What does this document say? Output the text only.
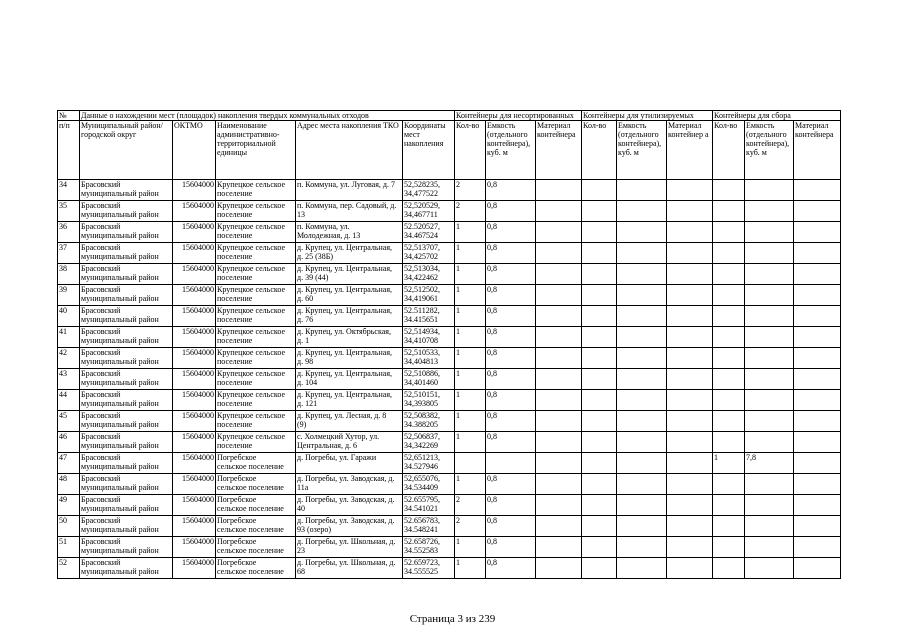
№	Данные о нахождении мест (площадок) накопления твердых коммунальных отходов					Контейнеры для несортированных			Контейнеры для утилизируемых			Контейнеры для сбора		
п/п	Муниципальный район/городской округ	ОКТМО	Наименование административно-территориальной единицы	Адрес места накопления ТКО	Координаты мест накопления	Кол-во	Емкость (отдельного контейнера), куб. м	Материал контейнера	Кол-во	Емкость (отдельного контейнера), куб. м	Материал контейнер а	Кол-во	Емкость (отдельного контейнера), куб. м	Материал контейнера
34	Брасовский
муниципальный район	15604000	Крупецкое сельское
поселение	п. Коммуна, ул. Луговая, д. 7	52,528235,
34,477522	2	0,8							
35	Брасовский
муниципальный район	15604000	Крупецкое сельское
поселение	п. Коммуна, пер. Садовый, д.
13	52,520529,
34,467711	2	0,8							
36	Брасовский
муниципальный район	15604000	Крупецкое сельское
поселение	п. Коммуна, ул.
Молодежная, д. 13	52.520527,
34.467524	1	0,8							
37	Брасовский
муниципальный район	15604000	Крупецкое сельское
поселение	д. Крупец, ул. Центральная,
д. 25 (38Б)	52,513707,
34,425702	1	0,8							
38	Брасовский
муниципальный район	15604000	Крупецкое сельское
поселение	д. Крупец, ул. Центральная,
д. 39 (44)	52,513034,
34,422462	1	0,8							
39	Брасовский
муниципальный район	15604000	Крупецкое сельское
поселение	д. Крупец, ул. Центральная,
д. 60	52,512502,
34,419061	1	0,8							
40	Брасовский
муниципальный район	15604000	Крупецкое сельское
поселение	д. Крупец, ул. Центральная,
д. 76	52.511282,
34.415651	1	0,8							
41	Брасовский
муниципальный район	15604000	Крупецкое сельское
поселение	д. Крупец, ул. Октябрьская,
д. 1	52,514934,
34,410708	1	0,8							
42	Брасовский
муниципальный район	15604000	Крупецкое сельское
поселение	д. Крупец, ул. Центральная,
д. 98	52,510533,
34,404813	1	0,8							
43	Брасовский
муниципальный район	15604000	Крупецкое сельское
поселение	д. Крупец, ул. Центральная,
д. 104	52,510886,
34,401460	1	0,8							
44	Брасовский
муниципальный район	15604000	Крупецкое сельское
поселение	д. Крупец, ул. Центральная,
д. 121	52,510151,
34,393805	1	0,8							
45	Брасовский
муниципальный район	15604000	Крупецкое сельское
поселение	д. Крупец, ул. Лесная, д. 8
(9)	52,508382,
34.388205	1	0,8							
46	Брасовский
муниципальный район	15604000	Крупецкое сельское
поселение	с. Холмецкий Хутор, ул.
Центральная, д. 6	52,506837,
34,342269	1	0,8							
47	Брасовский
муниципальный район	15604000	Погребское
сельское поселение	д. Погребы, ул. Гаражи	52,651213,
34.527946							1	7,8	
48	Брасовский
муниципальный район	15604000	Погребское
сельское поселение	д. Погребы, ул. Заводская, д.
11а	52,655076,
34.534409	1	0,8							
49	Брасовский
муниципальный район	15604000	Погребское
сельское поселение	д. Погребы, ул. Заводская, д.
40	52.655795,
34.541021	2	0,8							
50	Брасовский
муниципальный район	15604000	Погребское
сельское поселение	д. Погребы, ул. Заводская, д.
93 (озеро)	52.656783,
34.548241	2	0,8							
51	Брасовский
муниципальный район	15604000	Погребское
сельское поселение	д. Погребы, ул. Школьная, д.
23	52.658726,
34.552583	1	0,8							
52	Брасовский
муниципальный район	15604000	Погребское
сельское поселение	д. Погребы, ул. Школьная, д.
68	52.659723,
34.555525	1	0,8							
Страница 3 из 239
